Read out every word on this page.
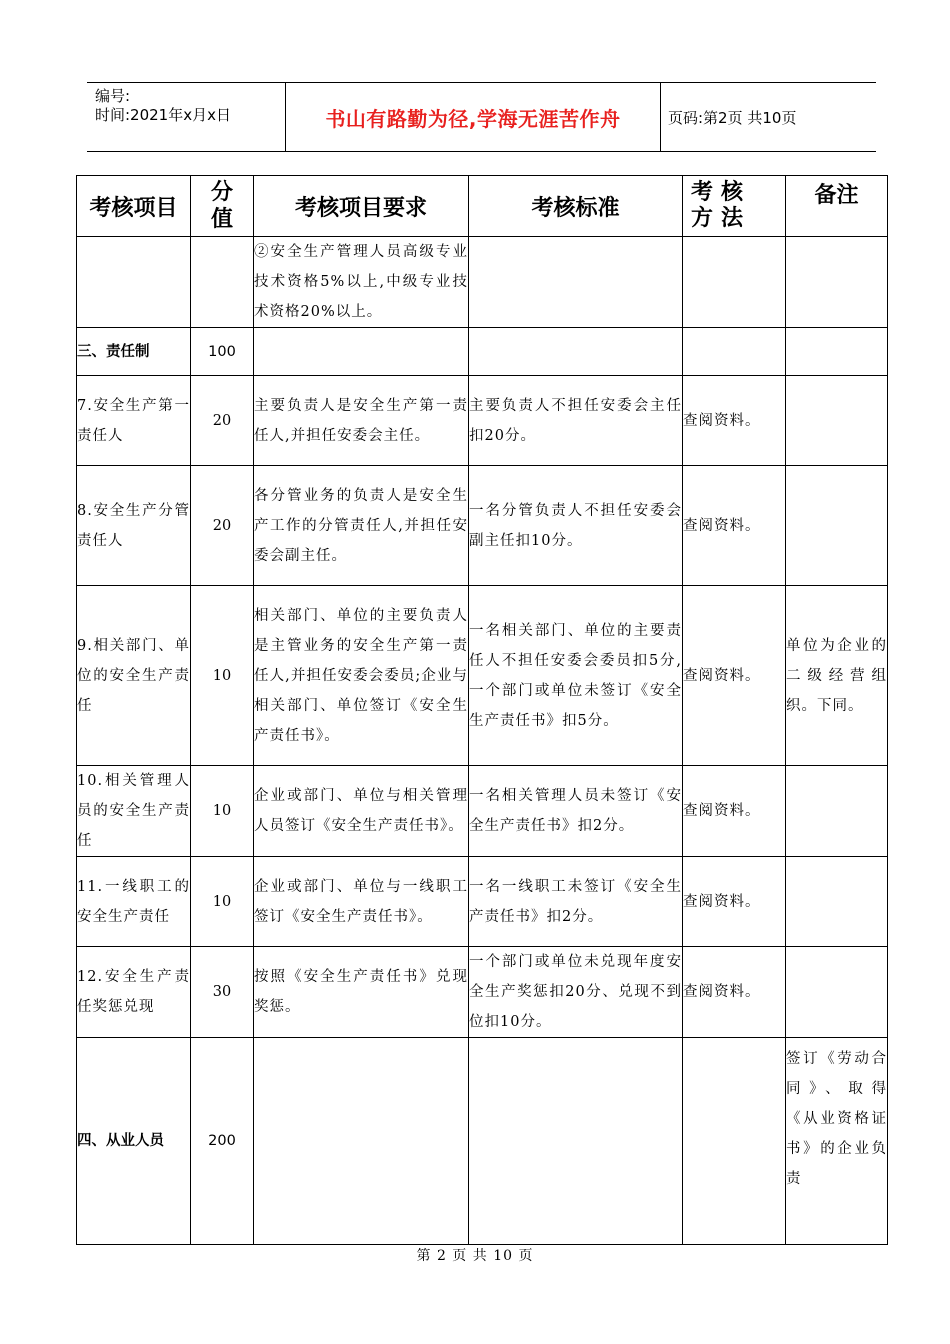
编号:
时间:2021年x月x日	书山有路勤为径,学海无涯苦作舟	页码:第2页 共10页
考核项目	分值	考核项目要求	考核标准	考核方法	备注

		②安全生产管理人员高级专业技术资格5%以上,中级专业技术资格20%以上。			
三、责任制	100				
7.安全生产第一责任人	20	主要负责人是安全生产第一责任人,并担任安委会主任。	主要负责人不担任安委会主任扣20分。	查阅资料。	
8.安全生产分管责任人	20	各分管业务的负责人是安全生产工作的分管责任人,并担任安委会副主任。	一名分管负责人不担任安委会副主任扣10分。	查阅资料。	
9.相关部门、单位的安全生产责任	10	相关部门、单位的主要负责人是主管业务的安全生产第一责任人,并担任安委会委员;企业与相关部门、单位签订《安全生产责任书》。	一名相关部门、单位的主要责任人不担任安委会委员扣5分,一个部门或单位未签订《安全生产责任书》扣5分。	查阅资料。	单位为企业的二级经营组织。下同。
10.相关管理人员的安全生产责任	10	企业或部门、单位与相关管理人员签订《安全生产责任书》。	一名相关管理人员未签订《安全生产责任书》扣2分。	查阅资料。	
11.一线职工的安全生产责任	10	企业或部门、单位与一线职工签订《安全生产责任书》。	一名一线职工未签订《安全生产责任书》扣2分。	查阅资料。	
12.安全生产责任奖惩兑现	30	按照《安全生产责任书》兑现奖惩。	一个部门或单位未兑现年度安全生产奖惩扣20分、兑现不到位扣10分。	查阅资料。	
四、从业人员	200				签订《劳动合同》、取得《从业资格证书》的企业负责
第 2 页 共 10 页
